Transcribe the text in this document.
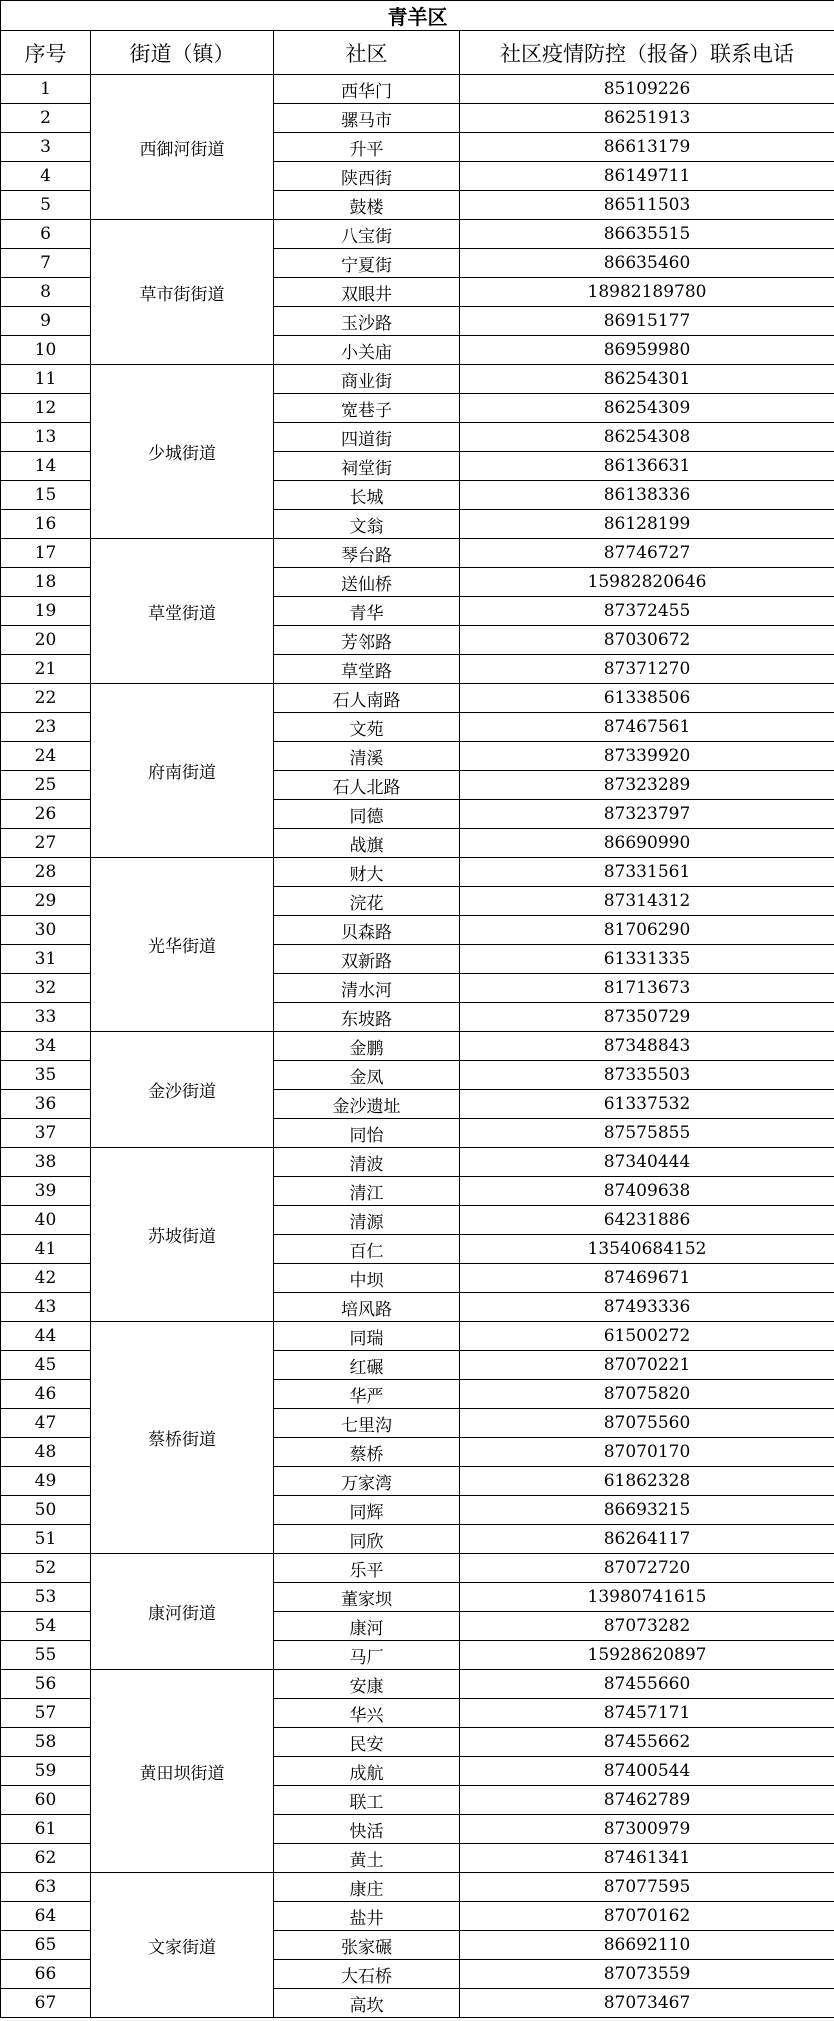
青羊区			
序号	街道（镇）	社区	社区疫情防控（报备）联系电话
1	西御河街道	西华门	85109226
2		骡马市	86251913
3		升平	86613179
4		陕西街	86149711
5		鼓楼	86511503
6	草市街街道	八宝街	86635515
7		宁夏街	86635460
8		双眼井	18982189780
9		玉沙路	86915177
10		小关庙	86959980
11	少城街道	商业街	86254301
12		宽巷子	86254309
13		四道街	86254308
14		祠堂街	86136631
15		长城	86138336
16		文翁	86128199
17	草堂街道	琴台路	87746727
18		送仙桥	15982820646
19		青华	87372455
20		芳邻路	87030672
21		草堂路	87371270
22	府南街道	石人南路	61338506
23		文苑	87467561
24		清溪	87339920
25		石人北路	87323289
26		同德	87323797
27		战旗	86690990
28	光华街道	财大	87331561
29		浣花	87314312
30		贝森路	81706290
31		双新路	61331335
32		清水河	81713673
33		东坡路	87350729
34	金沙街道	金鹏	87348843
35		金凤	87335503
36		金沙遗址	61337532
37		同怡	87575855
38	苏坡街道	清波	87340444
39		清江	87409638
40		清源	64231886
41		百仁	13540684152
42		中坝	87469671
43		培风路	87493336
44	蔡桥街道	同瑞	61500272
45		红碾	87070221
46		华严	87075820
47		七里沟	87075560
48		蔡桥	87070170
49		万家湾	61862328
50		同辉	86693215
51		同欣	86264117
52	康河街道	乐平	87072720
53		董家坝	13980741615
54		康河	87073282
55		马厂	15928620897
56	黄田坝街道	安康	87455660
57		华兴	87457171
58		民安	87455662
59		成航	87400544
60		联工	87462789
61		快活	87300979
62		黄土	87461341
63	文家街道	康庄	87077595
64		盐井	87070162
65		张家碾	86692110
66		大石桥	87073559
67		高坎	87073467
